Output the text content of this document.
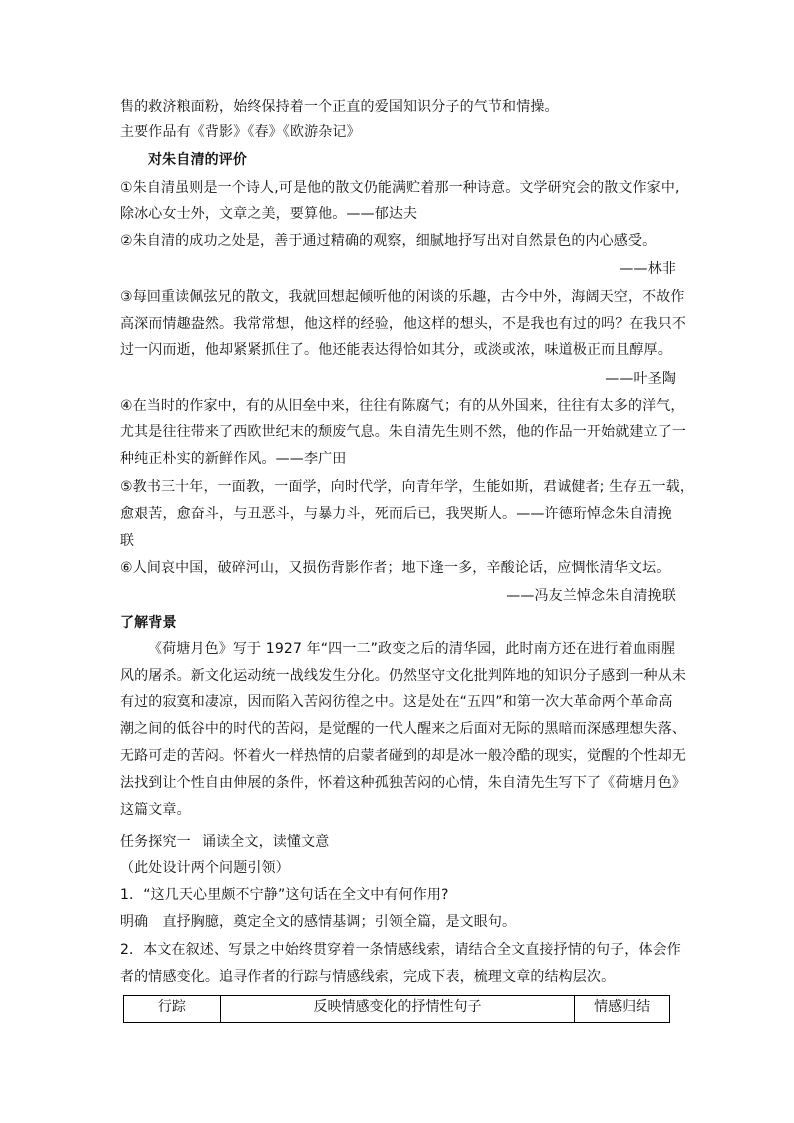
售的救济粮面粉，始终保持着一个正直的爱国知识分子的气节和情操。
主要作品有《背影》《春》《欧游杂记》
对朱自清的评价
①朱自清虽则是一个诗人,可是他的散文仍能满贮着那一种诗意。文学研究会的散文作家中,
除冰心女士外，文章之美，要算他。——郁达夫
②朱自清的成功之处是，善于通过精确的观察，细腻地抒写出对自然景色的内心感受。
——林非
③每回重读佩弦兄的散文，我就回想起倾听他的闲谈的乐趣，古今中外，海阔天空，不故作
高深而情趣盎然。我常常想，他这样的经验，他这样的想头，不是我也有过的吗？在我只不
过一闪而逝，他却紧紧抓住了。他还能表达得恰如其分，或淡或浓，味道极正而且醇厚。
——叶圣陶
④在当时的作家中，有的从旧垒中来，往往有陈腐气；有的从外国来，往往有太多的洋气，
尤其是往往带来了西欧世纪末的颓废气息。朱自清先生则不然，他的作品一开始就建立了一
种纯正朴实的新鲜作风。——李广田
⑤教书三十年，一面教，一面学，向时代学，向青年学，生能如斯，君诚健者; 生存五一载，
愈艰苦，愈奋斗，与丑恶斗，与暴力斗，死而后已，我哭斯人。——许德珩悼念朱自清挽
联
⑥人间哀中国，破碎河山，又损伤背影作者；地下逢一多，辛酸论话，应惆怅清华文坛。
——冯友兰悼念朱自清挽联
了解背景
《荷塘月色》写于 1927 年“四一二”政变之后的清华园，此时南方还在进行着血雨腥
风的屠杀。新文化运动统一战线发生分化。仍然坚守文化批判阵地的知识分子感到一种从未
有过的寂寞和凄凉，因而陷入苦闷彷徨之中。这是处在“五四”和第一次大革命两个革命高
潮之间的低谷中的时代的苦闷，是觉醒的一代人醒来之后面对无际的黑暗而深感理想失落、
无路可走的苦闷。怀着火一样热情的启蒙者碰到的却是冰一般冷酷的现实，觉醒的个性却无
法找到让个性自由伸展的条件，怀着这种孤独苦闷的心情，朱自清先生写下了《荷塘月色》
这篇文章。
任务探究一 诵读全文，读懂文意
（此处设计两个问题引领）
1．“这几天心里颇不宁静”这句话在全文中有何作用?
明确　直抒胸臆，奠定全文的感情基调；引领全篇，是文眼句。
2．本文在叙述、写景之中始终贯穿着一条情感线索，请结合全文直接抒情的句子，体会作
者的情感变化。追寻作者的行踪与情感线索，完成下表，梳理文章的结构层次。
行踪	反映情感变化的抒情性句子	情感归结
